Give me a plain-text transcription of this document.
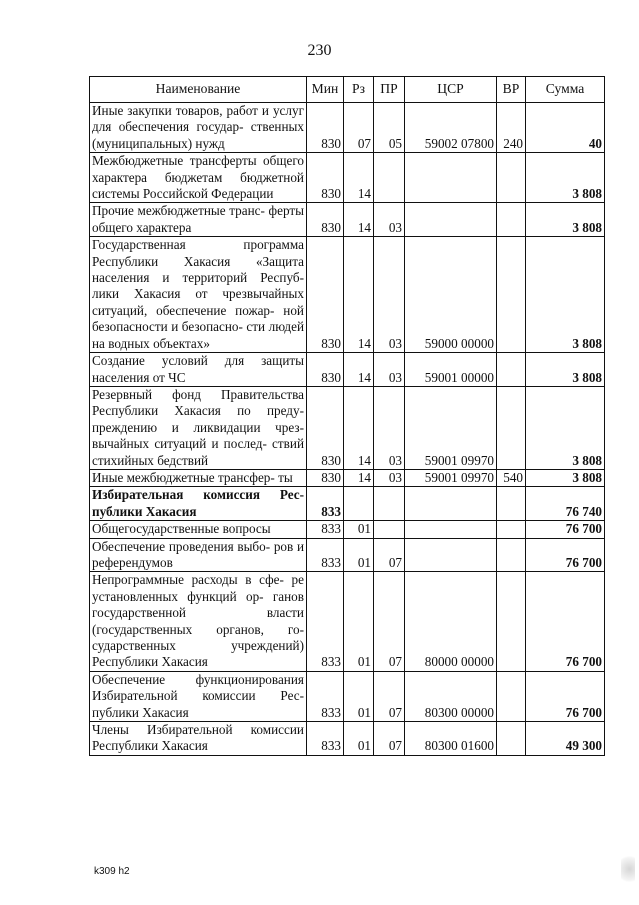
230
Наименование	Мин	Рз	ПР	ЦСР	ВР	Сумма
Иные закупки товаров, работ и услуг для обеспечения государ- ственных (муниципальных) нужд	830	07	05	59002 07800	240	40
Межбюджетные трансферты общего характера бюджетам бюджетной системы Российской Федерации	830	14				3 808
Прочие межбюджетные транс- ферты общего характера	830	14	03			3 808
Государственная программа Республики Хакасия «Защита населения и территорий Респуб- лики Хакасия от чрезвычайных ситуаций, обеспечение пожар- ной безопасности и безопасно- сти людей на водных объектах»	830	14	03	59000 00000		3 808
Создание условий для защиты населения от ЧС	830	14	03	59001 00000		3 808
Резервный фонд Правительства Республики Хакасия по преду- преждению и ликвидации чрез- вычайных ситуаций и послед- ствий стихийных бедствий	830	14	03	59001 09970		3 808
Иные межбюджетные трансфер- ты	830	14	03	59001 09970	540	3 808
Избирательная комиссия Рес- публики Хакасия	833					76 740
Общегосударственные вопросы	833	01				76 700
Обеспечение проведения выбо- ров и референдумов	833	01	07			76 700
Непрограммные расходы в сфе- ре установленных функций ор- ганов государственной власти (государственных органов, го- сударственных учреждений) Республики Хакасия	833	01	07	80000 00000		76 700
Обеспечение функционирования Избирательной комиссии Рес- публики Хакасия	833	01	07	80300 00000		76 700
Члены Избирательной комиссии Республики Хакасия	833	01	07	80300 01600		49 300
k309 h2
